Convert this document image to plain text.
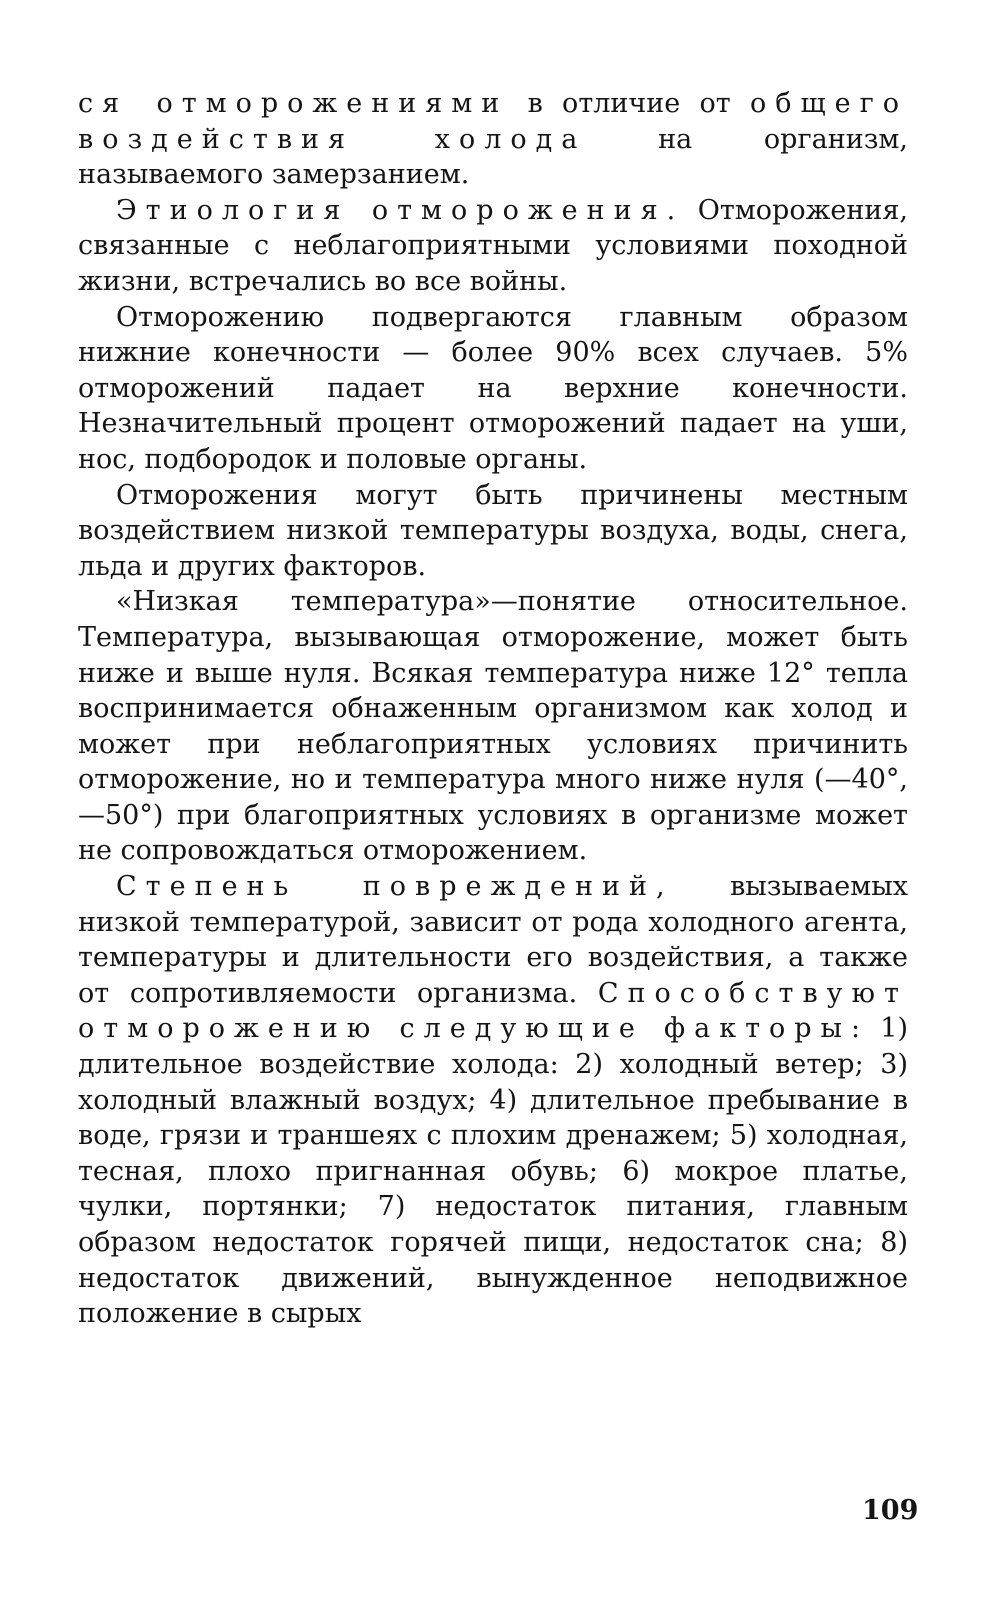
ся отморожениями в отличие от общего воздействия холода на организм, называемого замерзанием.

Этиология отморожения. Отморожения, связанные с неблагоприятными условиями походной жизни, встречались во все войны.

Отморожению подвергаются главным образом нижние конечности — более 90% всех случаев. 5% отморожений падает на верхние конечности. Незначительный процент отморожений падает на уши, нос, подбородок и половые органы.

Отморожения могут быть причинены местным воздействием низкой температуры воздуха, воды, снега, льда и других факторов.

«Низкая температура»—понятие относительное. Температура, вызывающая отморожение, может быть ниже и выше нуля. Всякая температура ниже 12° тепла воспринимается обнаженным организмом как холод и может при неблагоприятных условиях причинить отморожение, но и температура много ниже нуля (—40°, —50°) при благоприятных условиях в организме может не сопровождаться отморожением.

Степень повреждений, вызываемых низкой температурой, зависит от рода холодного агента, температуры и длительности его воздействия, а также от сопротивляемости организма. Способствуют отморожению следующие факторы: 1) длительное воздействие холода: 2) холодный ветер; 3) холодный влажный воздух; 4) длительное пребывание в воде, грязи и траншеях с плохим дренажем; 5) холодная, тесная, плохо пригнанная обувь; 6) мокрое платье, чулки, портянки; 7) недостаток питания, главным образом недостаток горячей пищи, недостаток сна; 8) недостаток движений, вынужденное неподвижное положение в сырых

109
